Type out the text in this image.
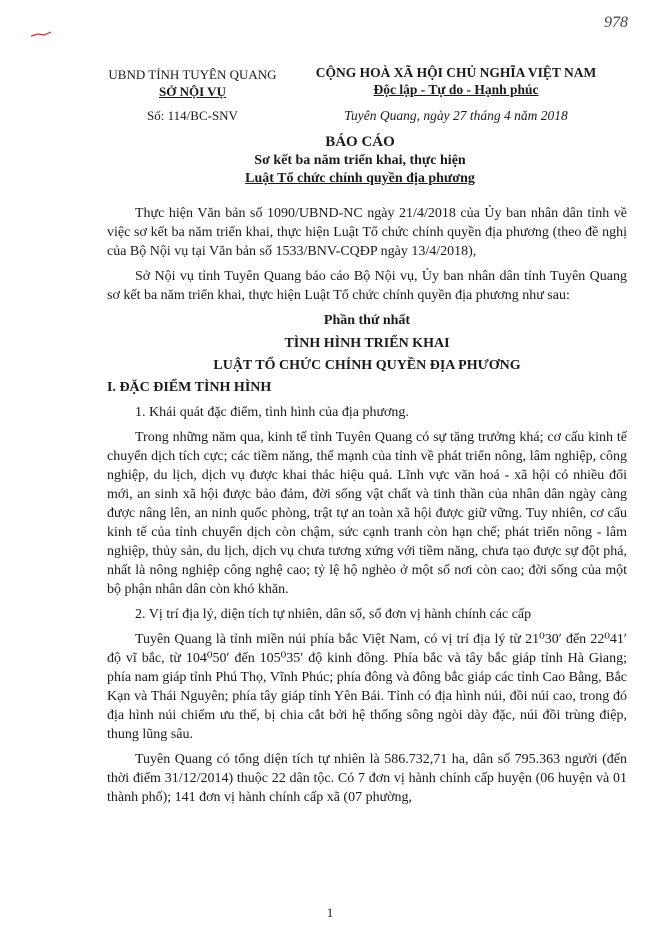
978
UBND TỈNH TUYÊN QUANG
SỞ NỘI VỤ
CỘNG HOÀ XÃ HỘI CHỦ NGHĨA VIỆT NAM
Độc lập - Tự do - Hạnh phúc
Số: 114/BC-SNV	Tuyên Quang, ngày 27 tháng 4 năm 2018
BÁO CÁO
Sơ kết ba năm triển khai, thực hiện
Luật Tổ chức chính quyền địa phương

Thực hiện Văn bản số 1090/UBND-NC ngày 21/4/2018 của Ủy ban nhân dân tỉnh về việc sơ kết ba năm triển khai, thực hiện Luật Tổ chức chính quyền địa phương (theo đề nghị của Bộ Nội vụ tại Văn bản số 1533/BNV-CQĐP ngày 13/4/2018),

Sở Nội vụ tỉnh Tuyên Quang báo cáo Bộ Nội vụ, Ủy ban nhân dân tỉnh Tuyên Quang sơ kết ba năm triển khai, thực hiện Luật Tổ chức chính quyền địa phương như sau:

Phần thứ nhất
TÌNH HÌNH TRIỂN KHAI
LUẬT TỔ CHỨC CHÍNH QUYỀN ĐỊA PHƯƠNG
I. ĐẶC ĐIỂM TÌNH HÌNH

1. Khái quát đặc điểm, tình hình của địa phương.

Trong những năm qua, kinh tế tỉnh Tuyên Quang có sự tăng trưởng khá; cơ cấu kinh tế chuyển dịch tích cực; các tiềm năng, thế mạnh của tỉnh về phát triển nông, lâm nghiệp, công nghiệp, du lịch, dịch vụ được khai thác hiệu quả. Lĩnh vực văn hoá - xã hội có nhiều đổi mới, an sinh xã hội được bảo đảm, đời sống vật chất và tinh thần của nhân dân ngày càng được nâng lên, an ninh quốc phòng, trật tự an toàn xã hội được giữ vững. Tuy nhiên, cơ cấu kinh tế của tỉnh chuyển dịch còn chậm, sức cạnh tranh còn hạn chế; phát triển nông - lâm nghiệp, thủy sản, du lịch, dịch vụ chưa tương xứng với tiềm năng, chưa tạo được sự đột phá, nhất là nông nghiệp công nghệ cao; tỷ lệ hộ nghèo ở một số nơi còn cao; đời sống của một bộ phận nhân dân còn khó khăn.

2. Vị trí địa lý, diện tích tự nhiên, dân số, số đơn vị hành chính các cấp

Tuyên Quang là tỉnh miền núi phía bắc Việt Nam, có vị trí địa lý từ 21⁰30ʹ đến 22⁰41ʹ độ vĩ bắc, từ 104⁰50ʹ đến 105⁰35ʹ độ kinh đông. Phía bắc và tây bắc giáp tỉnh Hà Giang; phía nam giáp tỉnh Phú Thọ, Vĩnh Phúc; phía đông và đông bắc giáp các tỉnh Cao Bằng, Bắc Kạn và Thái Nguyên; phía tây giáp tỉnh Yên Bái. Tỉnh có địa hình núi, đồi núi cao, trong đó địa hình núi chiếm ưu thế, bị chia cắt bởi hệ thống sông ngòi dày đặc, núi đồi trùng điệp, thung lũng sâu.

Tuyên Quang có tổng diện tích tự nhiên là 586.732,71 ha, dân số 795.363 người (đến thời điểm 31/12/2014) thuộc 22 dân tộc. Có 7 đơn vị hành chính cấp huyện (06 huyện và 01 thành phố); 141 đơn vị hành chính cấp xã (07 phường,

1
